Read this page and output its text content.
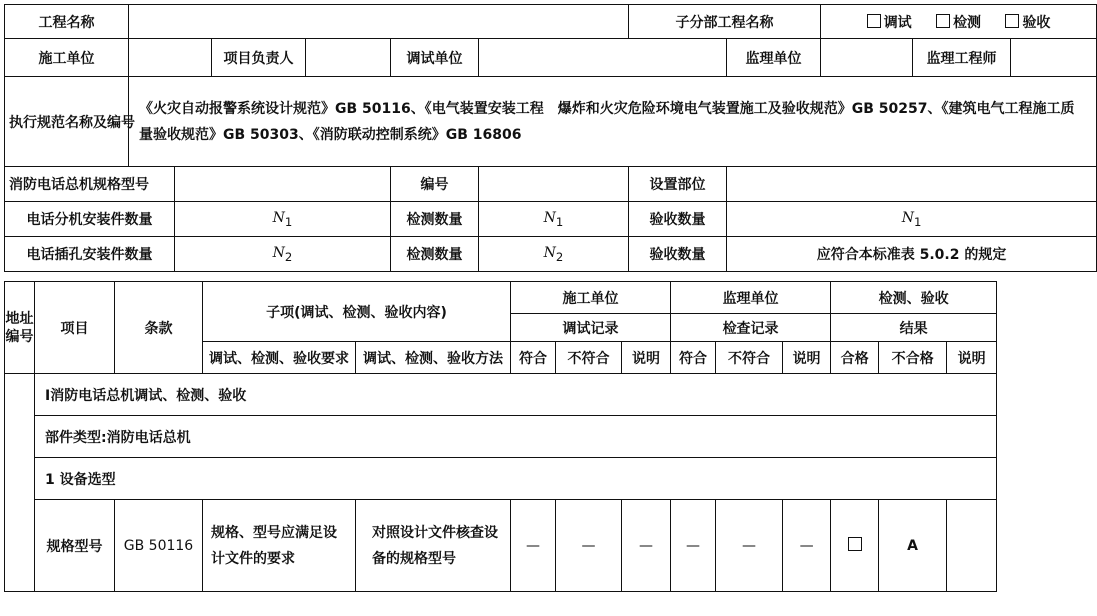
工程名称							子分部工程名称		调试 检测 验收		
施工单位			项目负责人		调试单位			监理单位		监理工程师	
执行规范名称及编号	《火灾自动报警系统设计规范》GB 50116、《电气装置安装工程　爆炸和火灾危险环境电气装置施工及验收规范》GB 50257、《建筑电气工程施工质量验收规范》GB 50303、《消防联动控制系统》GB 16806										
消防电话总机规格型号					编号		设置部位				
电话分机安装件数量		$N_1$			检测数量	$N_1$	验收数量	$N_1$
电话插孔安装件数量		$N_2$			检测数量	$N_2$	验收数量	应符合本标准表 5.0.2 的规定			
地址编号	项目	条款	子项(调试、检测、验收内容)		施工单位			监理单位			检测、验收		
					调试记录			检查记录			结果		
			调试、检测、验收要求	调试、检测、验收方法	符合	不符合	说明	符合	不符合	说明	合格	不合格	说明
	Ⅰ消防电话总机调试、检测、验收												
	部件类型:消防电话总机												
	1 设备选型												
	规格型号	GB 50116	规格、型号应满足设计文件的要求	对照设计文件核查设备的规格型号	—	—	—	—	—	—		A	
